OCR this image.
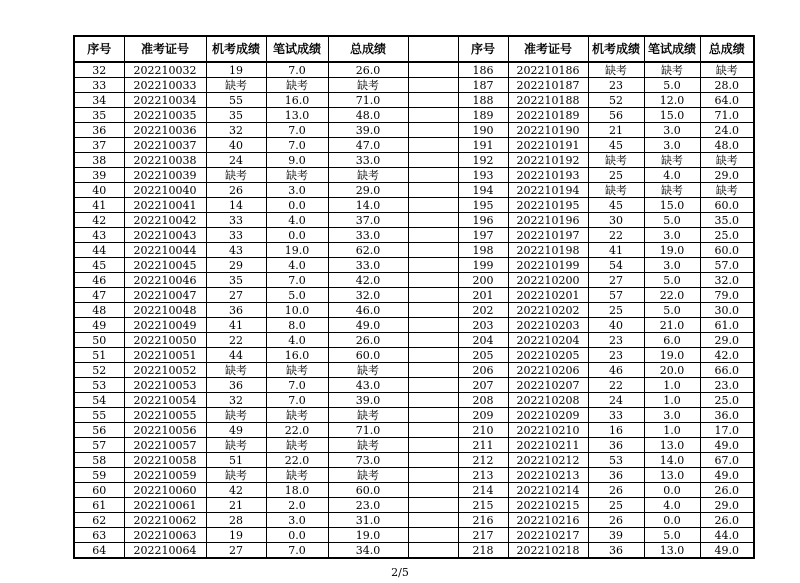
序号	准考证号	机考成绩	笔试成绩	总成绩		序号	准考证号	机考成绩	笔试成绩	总成绩
32	202210032	19	7.0	26.0		186	202210186	缺考	缺考	缺考
33	202210033	缺考	缺考	缺考		187	202210187	23	5.0	28.0
34	202210034	55	16.0	71.0		188	202210188	52	12.0	64.0
35	202210035	35	13.0	48.0		189	202210189	56	15.0	71.0
36	202210036	32	7.0	39.0		190	202210190	21	3.0	24.0
37	202210037	40	7.0	47.0		191	202210191	45	3.0	48.0
38	202210038	24	9.0	33.0		192	202210192	缺考	缺考	缺考
39	202210039	缺考	缺考	缺考		193	202210193	25	4.0	29.0
40	202210040	26	3.0	29.0		194	202210194	缺考	缺考	缺考
41	202210041	14	0.0	14.0		195	202210195	45	15.0	60.0
42	202210042	33	4.0	37.0		196	202210196	30	5.0	35.0
43	202210043	33	0.0	33.0		197	202210197	22	3.0	25.0
44	202210044	43	19.0	62.0		198	202210198	41	19.0	60.0
45	202210045	29	4.0	33.0		199	202210199	54	3.0	57.0
46	202210046	35	7.0	42.0		200	202210200	27	5.0	32.0
47	202210047	27	5.0	32.0		201	202210201	57	22.0	79.0
48	202210048	36	10.0	46.0		202	202210202	25	5.0	30.0
49	202210049	41	8.0	49.0		203	202210203	40	21.0	61.0
50	202210050	22	4.0	26.0		204	202210204	23	6.0	29.0
51	202210051	44	16.0	60.0		205	202210205	23	19.0	42.0
52	202210052	缺考	缺考	缺考		206	202210206	46	20.0	66.0
53	202210053	36	7.0	43.0		207	202210207	22	1.0	23.0
54	202210054	32	7.0	39.0		208	202210208	24	1.0	25.0
55	202210055	缺考	缺考	缺考		209	202210209	33	3.0	36.0
56	202210056	49	22.0	71.0		210	202210210	16	1.0	17.0
57	202210057	缺考	缺考	缺考		211	202210211	36	13.0	49.0
58	202210058	51	22.0	73.0		212	202210212	53	14.0	67.0
59	202210059	缺考	缺考	缺考		213	202210213	36	13.0	49.0
60	202210060	42	18.0	60.0		214	202210214	26	0.0	26.0
61	202210061	21	2.0	23.0		215	202210215	25	4.0	29.0
62	202210062	28	3.0	31.0		216	202210216	26	0.0	26.0
63	202210063	19	0.0	19.0		217	202210217	39	5.0	44.0
64	202210064	27	7.0	34.0		218	202210218	36	13.0	49.0
2/5
